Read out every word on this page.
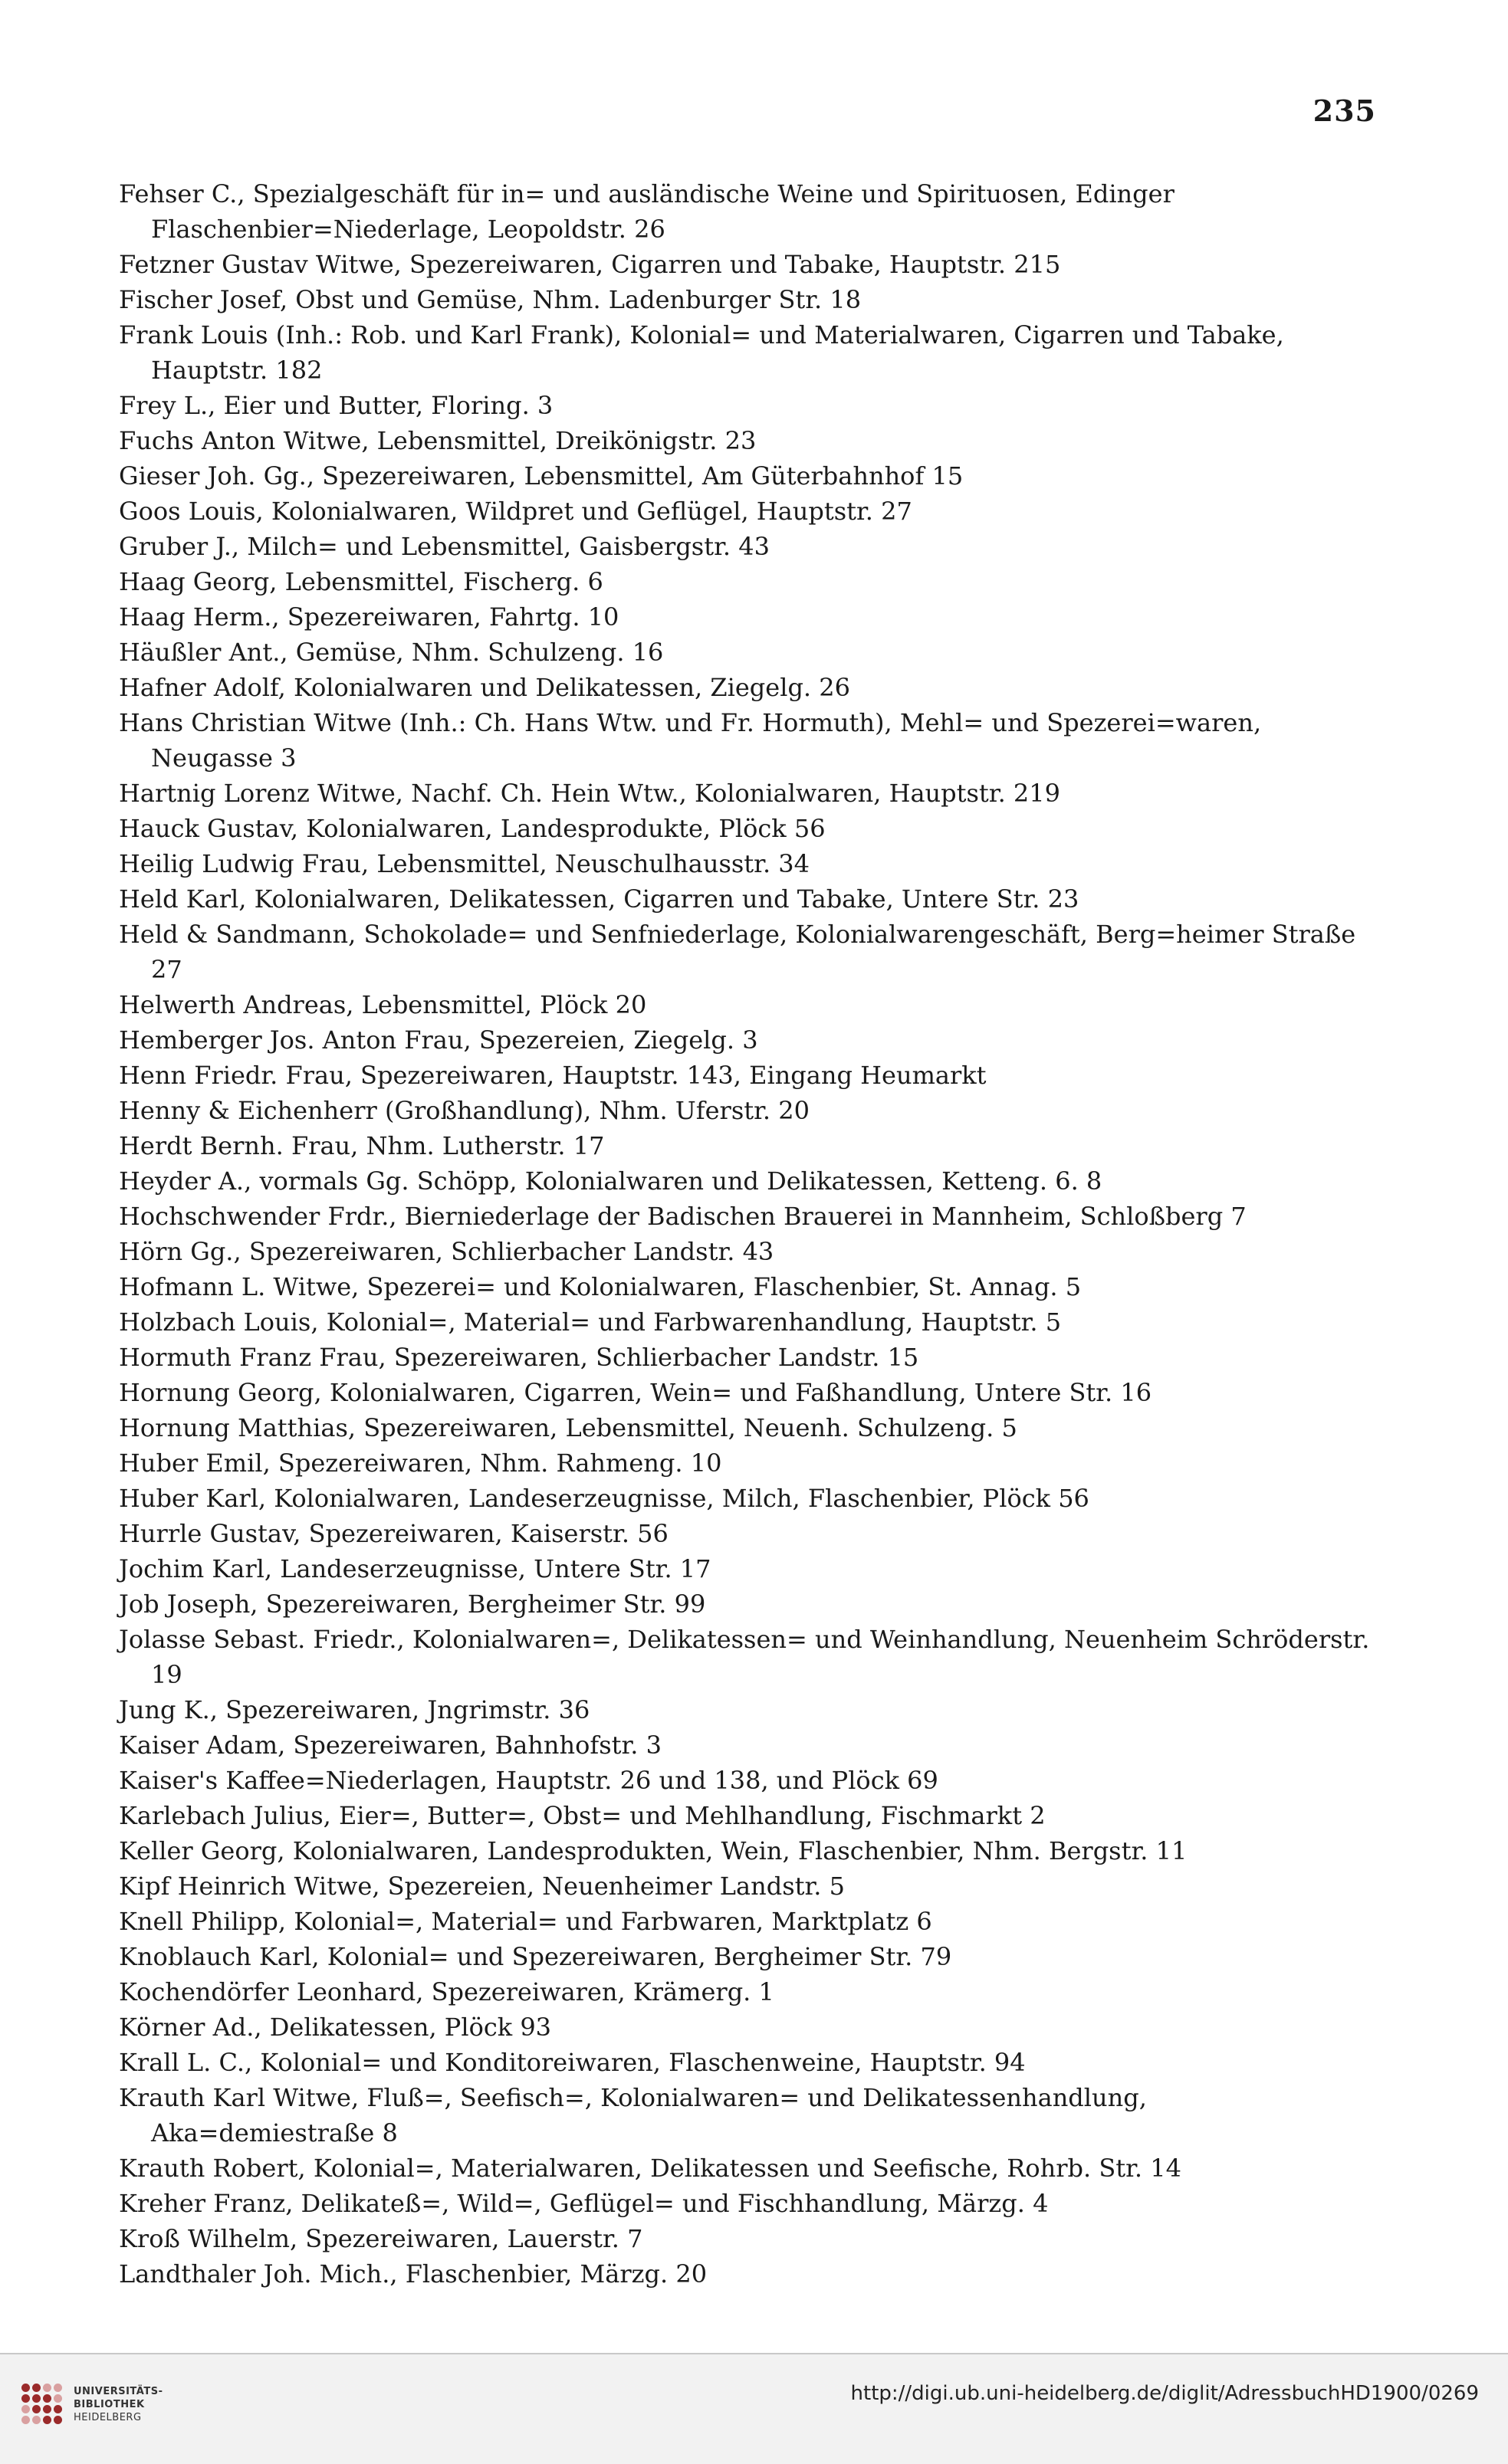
235

Fehser C., Spezialgeschäft für in= und ausländische Weine und Spirituosen, Edinger Flaschenbier=Niederlage, Leopoldstr. 26

Fetzner Gustav Witwe, Spezereiwaren, Cigarren und Tabake, Hauptstr. 215

Fischer Josef, Obst und Gemüse, Nhm. Ladenburger Str. 18

Frank Louis (Inh.: Rob. und Karl Frank), Kolonial= und Materialwaren, Cigarren und Tabake, Hauptstr. 182

Frey L., Eier und Butter, Floring. 3

Fuchs Anton Witwe, Lebensmittel, Dreikönigstr. 23

Gieser Joh. Gg., Spezereiwaren, Lebensmittel, Am Güterbahnhof 15

Goos Louis, Kolonialwaren, Wildpret und Geflügel, Hauptstr. 27

Gruber J., Milch= und Lebensmittel, Gaisbergstr. 43

Haag Georg, Lebensmittel, Fischerg. 6

Haag Herm., Spezereiwaren, Fahrtg. 10

Häußler Ant., Gemüse, Nhm. Schulzeng. 16

Hafner Adolf, Kolonialwaren und Delikatessen, Ziegelg. 26

Hans Christian Witwe (Inh.: Ch. Hans Wtw. und Fr. Hormuth), Mehl= und Spezerei=waren, Neugasse 3

Hartnig Lorenz Witwe, Nachf. Ch. Hein Wtw., Kolonialwaren, Hauptstr. 219

Hauck Gustav, Kolonialwaren, Landesprodukte, Plöck 56

Heilig Ludwig Frau, Lebensmittel, Neuschulhausstr. 34

Held Karl, Kolonialwaren, Delikatessen, Cigarren und Tabake, Untere Str. 23

Held & Sandmann, Schokolade= und Senfniederlage, Kolonialwarengeschäft, Berg=heimer Straße 27

Helwerth Andreas, Lebensmittel, Plöck 20

Hemberger Jos. Anton Frau, Spezereien, Ziegelg. 3

Henn Friedr. Frau, Spezereiwaren, Hauptstr. 143, Eingang Heumarkt

Henny & Eichenherr (Großhandlung), Nhm. Uferstr. 20

Herdt Bernh. Frau, Nhm. Lutherstr. 17

Heyder A., vormals Gg. Schöpp, Kolonialwaren und Delikatessen, Ketteng. 6. 8

Hochschwender Frdr., Bierniederlage der Badischen Brauerei in Mannheim, Schloßberg 7

Hörn Gg., Spezereiwaren, Schlierbacher Landstr. 43

Hofmann L. Witwe, Spezerei= und Kolonialwaren, Flaschenbier, St. Annag. 5

Holzbach Louis, Kolonial=, Material= und Farbwarenhandlung, Hauptstr. 5

Hormuth Franz Frau, Spezereiwaren, Schlierbacher Landstr. 15

Hornung Georg, Kolonialwaren, Cigarren, Wein= und Faßhandlung, Untere Str. 16

Hornung Matthias, Spezereiwaren, Lebensmittel, Neuenh. Schulzeng. 5

Huber Emil, Spezereiwaren, Nhm. Rahmeng. 10

Huber Karl, Kolonialwaren, Landeserzeugnisse, Milch, Flaschenbier, Plöck 56

Hurrle Gustav, Spezereiwaren, Kaiserstr. 56

Jochim Karl, Landeserzeugnisse, Untere Str. 17

Job Joseph, Spezereiwaren, Bergheimer Str. 99

Jolasse Sebast. Friedr., Kolonialwaren=, Delikatessen= und Weinhandlung, Neuenheim Schröderstr. 19

Jung K., Spezereiwaren, Jngrimstr. 36

Kaiser Adam, Spezereiwaren, Bahnhofstr. 3

Kaiser's Kaffee=Niederlagen, Hauptstr. 26 und 138, und Plöck 69

Karlebach Julius, Eier=, Butter=, Obst= und Mehlhandlung, Fischmarkt 2

Keller Georg, Kolonialwaren, Landesprodukten, Wein, Flaschenbier, Nhm. Bergstr. 11

Kipf Heinrich Witwe, Spezereien, Neuenheimer Landstr. 5

Knell Philipp, Kolonial=, Material= und Farbwaren, Marktplatz 6

Knoblauch Karl, Kolonial= und Spezereiwaren, Bergheimer Str. 79

Kochendörfer Leonhard, Spezereiwaren, Krämerg. 1

Körner Ad., Delikatessen, Plöck 93

Krall L. C., Kolonial= und Konditoreiwaren, Flaschenweine, Hauptstr. 94

Krauth Karl Witwe, Fluß=, Seefisch=, Kolonialwaren= und Delikatessenhandlung, Aka=demiestraße 8

Krauth Robert, Kolonial=, Materialwaren, Delikatessen und Seefische, Rohrb. Str. 14

Kreher Franz, Delikateß=, Wild=, Geflügel= und Fischhandlung, Märzg. 4

Kroß Wilhelm, Spezereiwaren, Lauerstr. 7

Landthaler Joh. Mich., Flaschenbier, Märzg. 20

UNIVERSITÄTS-
BIBLIOTHEK
HEIDELBERG
http://digi.ub.uni-heidelberg.de/diglit/AdressbuchHD1900/0269
